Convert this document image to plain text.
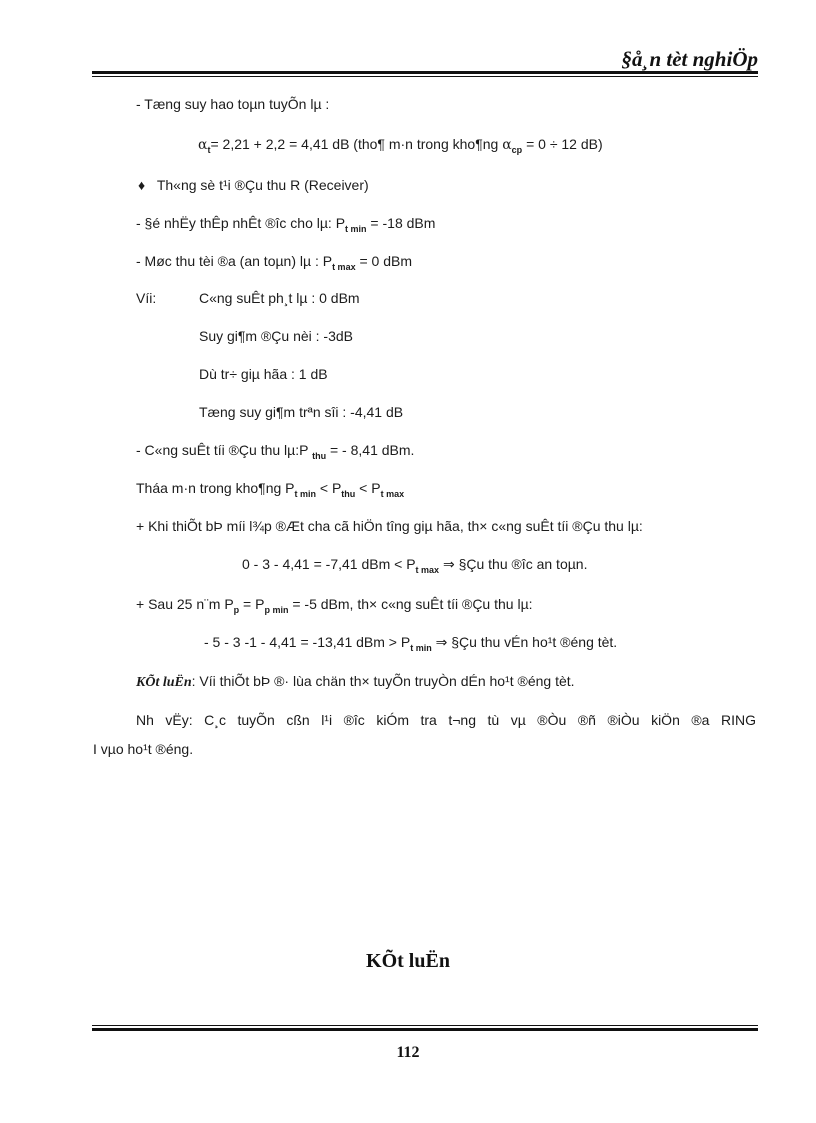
§å¸n tèt nghiÖp
- Tæng suy hao toµn tuyÕn lµ :
$\alpha_t= 2,21 + 2,2 = 4,41$ dB (tho¶ m·n trong kho¶ng $\alpha_{cp} = 0 \div 12$ dB)
♦ Th«ng sè t¹i ®Çu thu R (Receiver)
- §é nhËy thÊp nhÊt ®îc cho lµ: $P_{t min} = -18$ dBm
- Møc thu tèi ®a (an toµn) lµ : $P_{t max} = 0$ dBm
Víi:	C«ng suÊt ph¸t lµ : 0 dBm
Suy gi¶m ®Çu nèi : -3dB
Dù tr÷ giµ hãa : 1 dB
Tæng suy gi¶m trªn sîi : -4,41 dB
- C«ng suÊt tíi ®Çu thu lµ:P $_{thu}$ = - 8,41 dBm.
Tháa m·n trong kho¶ng $P_{t min} < P_{thu} < P_{t max}$
+ Khi thiÕt bÞ míi l¾p ®Æt cha cã hiÖn tîng giµ hãa, th× c«ng suÊt tíi ®Çu thu lµ:
0 - 3 - 4,41 = -7,41 dBm < $P_{t max}$ ⇒ §Çu thu ®îc an toµn.
+ Sau 25 n¨m $P_p = P_{p min} = -5$ dBm, th× c«ng suÊt tíi ®Çu thu lµ:
- 5 - 3 -1 - 4,41 = -13,41 dBm > $P_{t min}$ ⇒ §Çu thu vÉn ho¹t ®éng tèt.
KÕt luËn: Víi thiÕt bÞ ®· lùa chän th× tuyÕn truyÒn dÉn ho¹t ®éng tèt.
Nh vËy: C¸c tuyÕn cßn l¹i ®îc kiÓm tra t¬ng tù vµ ®Òu ®ñ ®iÒu kiÖn ®a RING
I vµo ho¹t ®éng.
KÕt luËn
112
